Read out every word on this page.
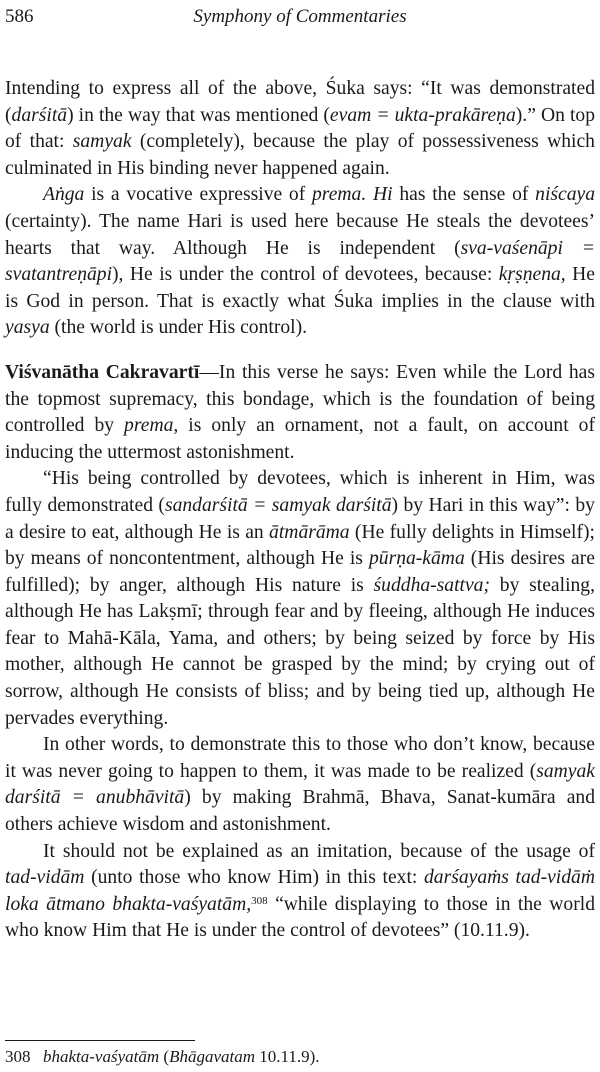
586	Symphony of Commentaries

Intending to express all of the above, Śuka says: “It was demonstrated (darśitā) in the way that was mentioned (evam = ukta-prakāreṇa).” On top of that: samyak (completely), because the play of possessiveness which culminated in His binding never happened again.

Aṅga is a vocative expressive of prema. Hi has the sense of niścaya (certainty). The name Hari is used here because He steals the devotees’ hearts that way. Although He is independent (sva-vaśenāpi = svatantreṇāpi), He is under the control of devotees, because: kṛṣṇena, He is God in person. That is exactly what Śuka implies in the clause with yasya (the world is under His control).

Viśvanātha Cakravartī—In this verse he says: Even while the Lord has the topmost supremacy, this bondage, which is the foundation of being controlled by prema, is only an ornament, not a fault, on account of inducing the uttermost astonishment.

“His being controlled by devotees, which is inherent in Him, was fully demonstrated (sandarśitā = samyak darśitā) by Hari in this way”: by a desire to eat, although He is an ātmārāma (He fully delights in Himself); by means of noncontentment, although He is pūrṇa-kāma (His desires are fulfilled); by anger, although His nature is śuddha-sattva; by stealing, although He has Lakṣmī; through fear and by fleeing, although He induces fear to Mahā-Kāla, Yama, and others; by being seized by force by His mother, although He cannot be grasped by the mind; by crying out of sorrow, although He consists of bliss; and by being tied up, although He pervades everything.

In other words, to demonstrate this to those who don’t know, because it was never going to happen to them, it was made to be realized (samyak darśitā = anubhāvitā) by making Brahmā, Bhava, Sanat-kumāra and others achieve wisdom and astonishment.

It should not be explained as an imitation, because of the usage of tad-vidām (unto those who know Him) in this text: darśayaṁs tad-vidāṁ loka ātmano bhakta-vaśyatām,$^{308}$ “while displaying to those in the world who know Him that He is under the control of devotees” (10.11.9).

308 bhakta-vaśyatām (Bhāgavatam 10.11.9).
